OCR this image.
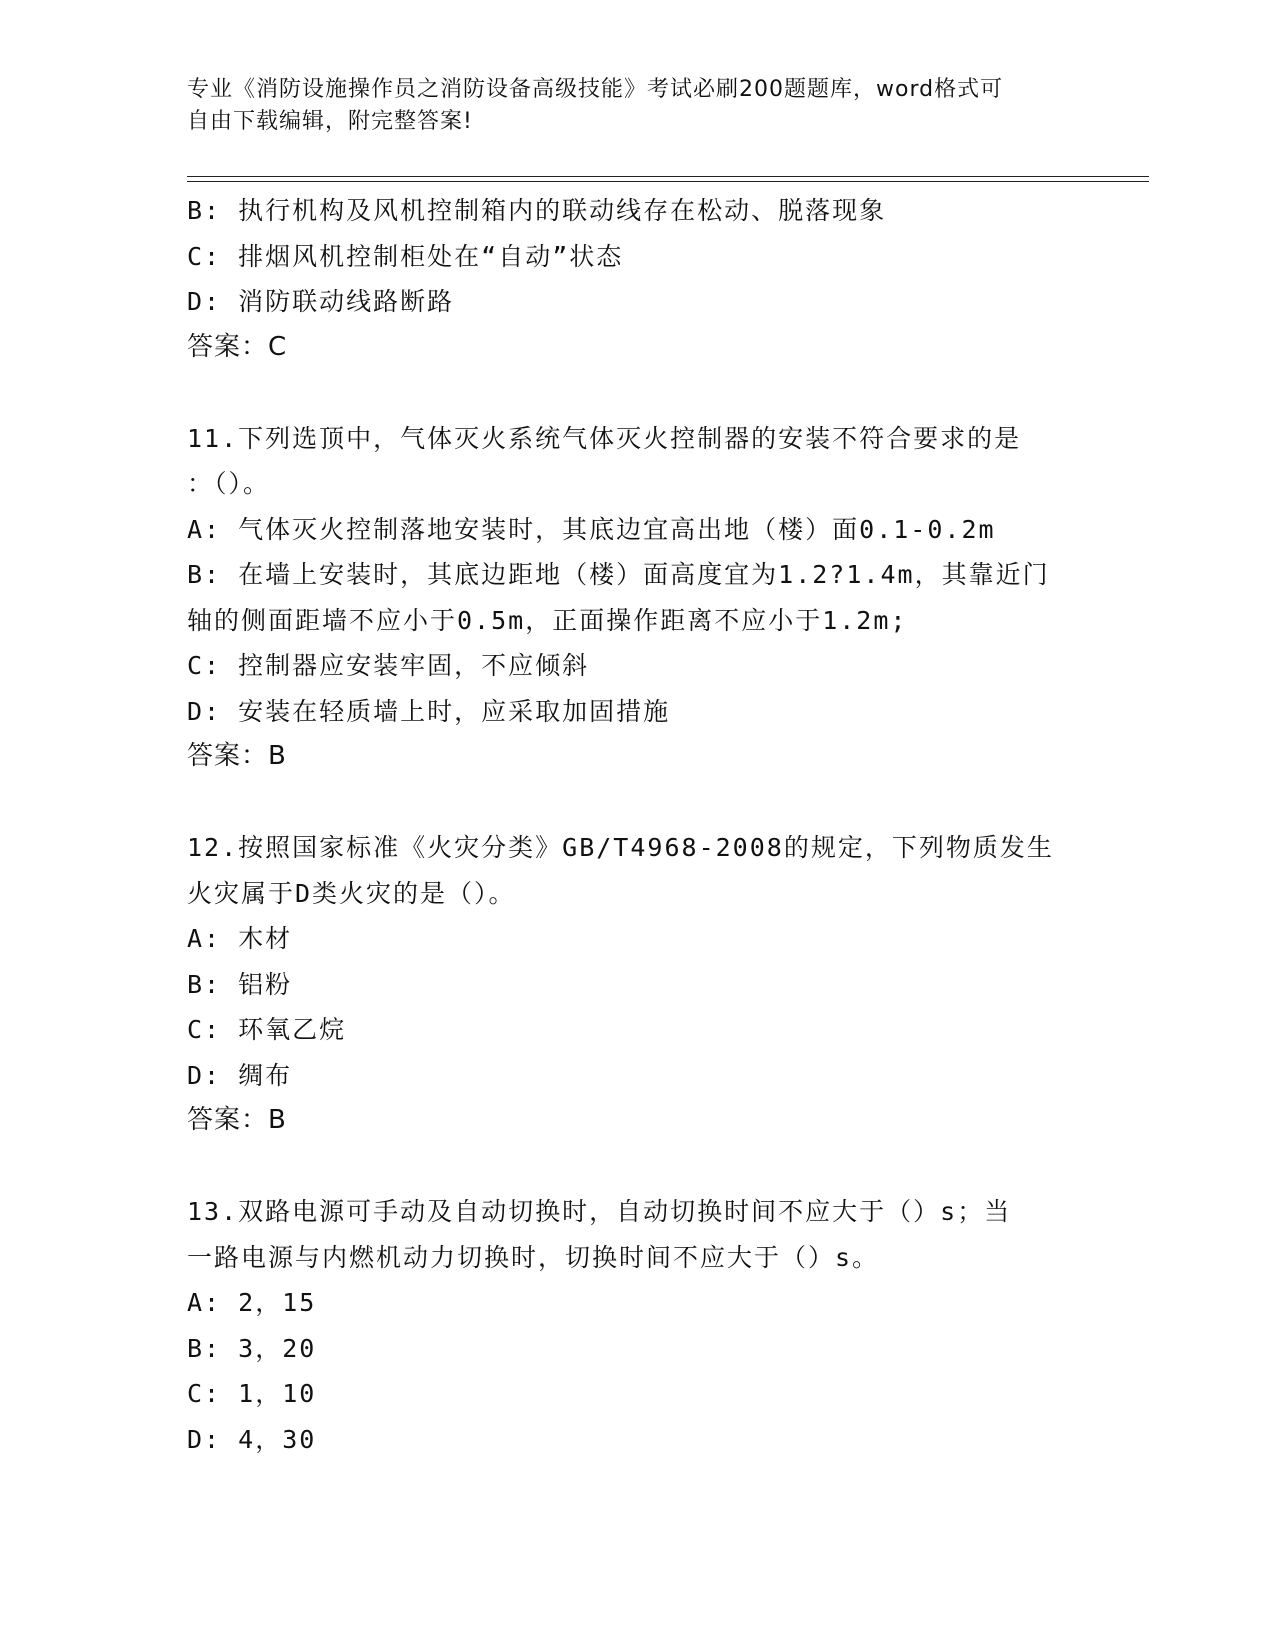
专业《消防设施操作员之消防设备高级技能》考试必刷200题题库，word格式可
自由下载编辑，附完整答案!
B: 执行机构及风机控制箱内的联动线存在松动、脱落现象
C: 排烟风机控制柜处在“自动”状态
D: 消防联动线路断路
答案：C
11.下列选顶中，气体灭火系统气体灭火控制器的安装不符合要求的是
：（）。
A: 气体灭火控制落地安装时，其底边宜高出地（楼）面0.1-0.2m
B: 在墙上安装时，其底边距地（楼）面高度宜为1.2?1.4m，其靠近门
轴的侧面距墙不应小于0.5m，正面操作距离不应小于1.2m;
C: 控制器应安装牢固，不应倾斜
D: 安装在轻质墙上时，应采取加固措施
答案：B
12.按照国家标准《火灾分类》GB/T4968-2008的规定，下列物质发生
火灾属于D类火灾的是（）。
A: 木材
B: 铝粉
C: 环氧乙烷
D: 绸布
答案：B
13.双路电源可手动及自动切换时，自动切换时间不应大于（）s；当
一路电源与内燃机动力切换时，切换时间不应大于（）s。
A: 2，15
B: 3，20
C: 1，10
D: 4，30
